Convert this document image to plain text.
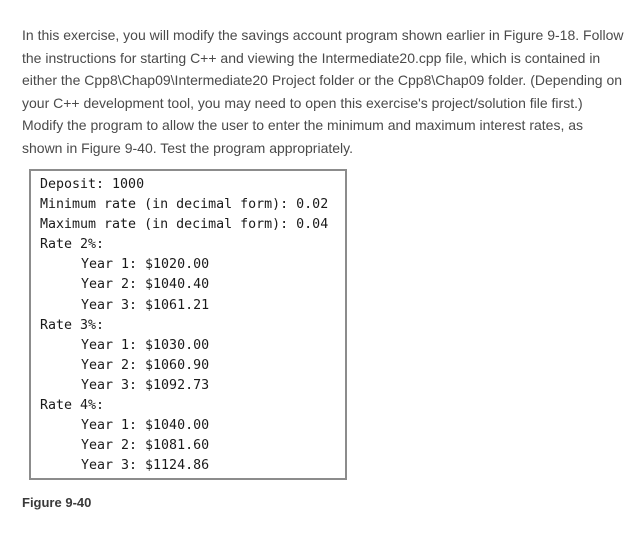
In this exercise, you will modify the savings account program shown earlier in Figure 9-18. Follow
the instructions for starting C++ and viewing the Intermediate20.cpp file, which is contained in
either the Cpp8\Chap09\Intermediate20 Project folder or the Cpp8\Chap09 folder. (Depending on
your C++ development tool, you may need to open this exercise's project/solution file first.)
Modify the program to allow the user to enter the minimum and maximum interest rates, as
shown in Figure 9-40. Test the program appropriately.
Deposit: 1000
Minimum rate (in decimal form): 0.02
Maximum rate (in decimal form): 0.04
Rate 2%:
Year 1: $1020.00
Year 2: $1040.40
Year 3: $1061.21
Rate 3%:
Year 1: $1030.00
Year 2: $1060.90
Year 3: $1092.73
Rate 4%:
Year 1: $1040.00
Year 2: $1081.60
Year 3: $1124.86

Figure 9-40
